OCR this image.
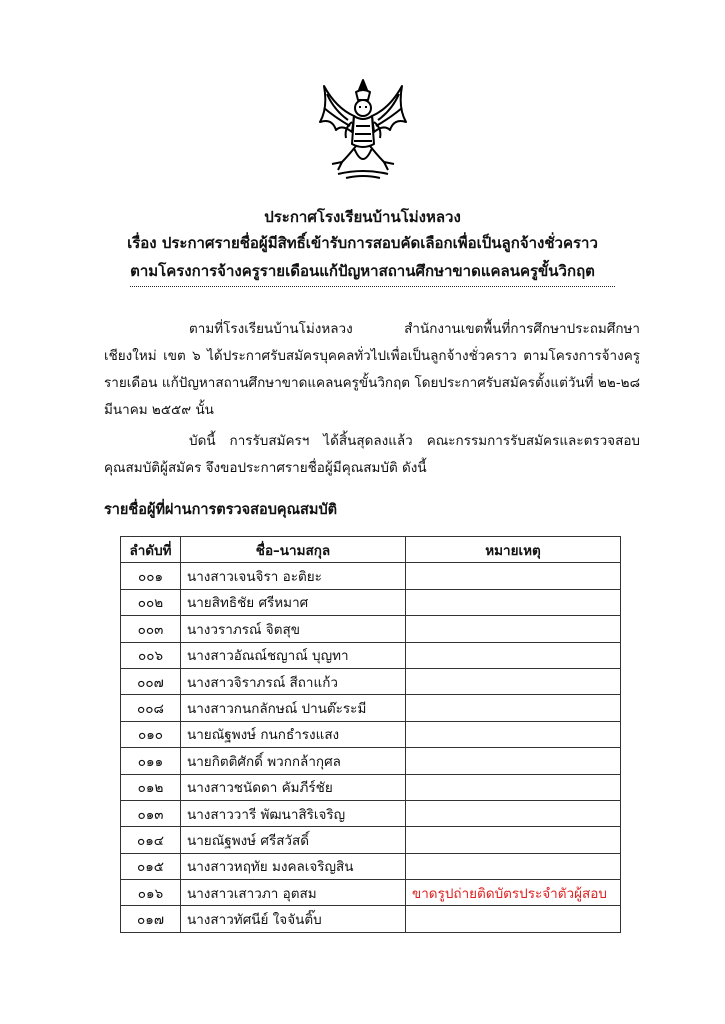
ประกาศโรงเรียนบ้านโม่งหลวง
เรื่อง ประกาศรายชื่อผู้มีสิทธิ์เข้ารับการสอบคัดเลือกเพื่อเป็นลูกจ้างชั่วคราว
ตามโครงการจ้างครูรายเดือนแก้ปัญหาสถานศึกษาขาดแคลนครูขั้นวิกฤต

ตามที่โรงเรียนบ้านโม่งหลวง สำนักงานเขตพื้นที่การศึกษาประถมศึกษาเชียงใหม่ เขต ๖ ได้ประกาศรับสมัครบุคคลทั่วไปเพื่อเป็นลูกจ้างชั่วคราว ตามโครงการจ้างครูรายเดือน แก้ปัญหาสถานศึกษาขาดแคลนครูขั้นวิกฤต โดยประกาศรับสมัครตั้งแต่วันที่ ๒๒-๒๘ มีนาคม ๒๕๕๙ นั้น

บัดนี้ การรับสมัครฯ ได้สิ้นสุดลงแล้ว คณะกรรมการรับสมัครและตรวจสอบคุณสมบัติผู้สมัคร จึงขอประกาศรายชื่อผู้มีคุณสมบัติ ดังนี้

รายชื่อผู้ที่ผ่านการตรวจสอบคุณสมบัติ
ลำดับที่	ชื่อ–นามสกุล	หมายเหตุ
๐๐๑	นางสาวเจนจิรา อะติยะ	
๐๐๒	นายสิทธิชัย ศรีหมาศ	
๐๐๓	นางวราภรณ์ จิตสุข	
๐๐๖	นางสาวอัณณ์ชญาณ์ บุญทา	
๐๐๗	นางสาวจิราภรณ์ สีถาแก้ว	
๐๐๘	นางสาวกนกลักษณ์ ปานต๊ะระมี	
๐๑๐	นายณัฐพงษ์ กนกธำรงแสง	
๐๑๑	นายกิตติศักดิ์ พวกกล้ากุศล	
๐๑๒	นางสาวชนัดดา คัมภีร์ชัย	
๐๑๓	นางสาววารี พัฒนาสิริเจริญ	
๐๑๔	นายณัฐพงษ์ ศรีสวัสดิ์	
๐๑๕	นางสาวหฤทัย มงคลเจริญสิน	
๐๑๖	นางสาวเสาวภา อุตสม	ขาดรูปถ่ายติดบัตรประจำตัวผู้สอบ
๐๑๗	นางสาวทัศนีย์ ใจจันติ๊บ	
